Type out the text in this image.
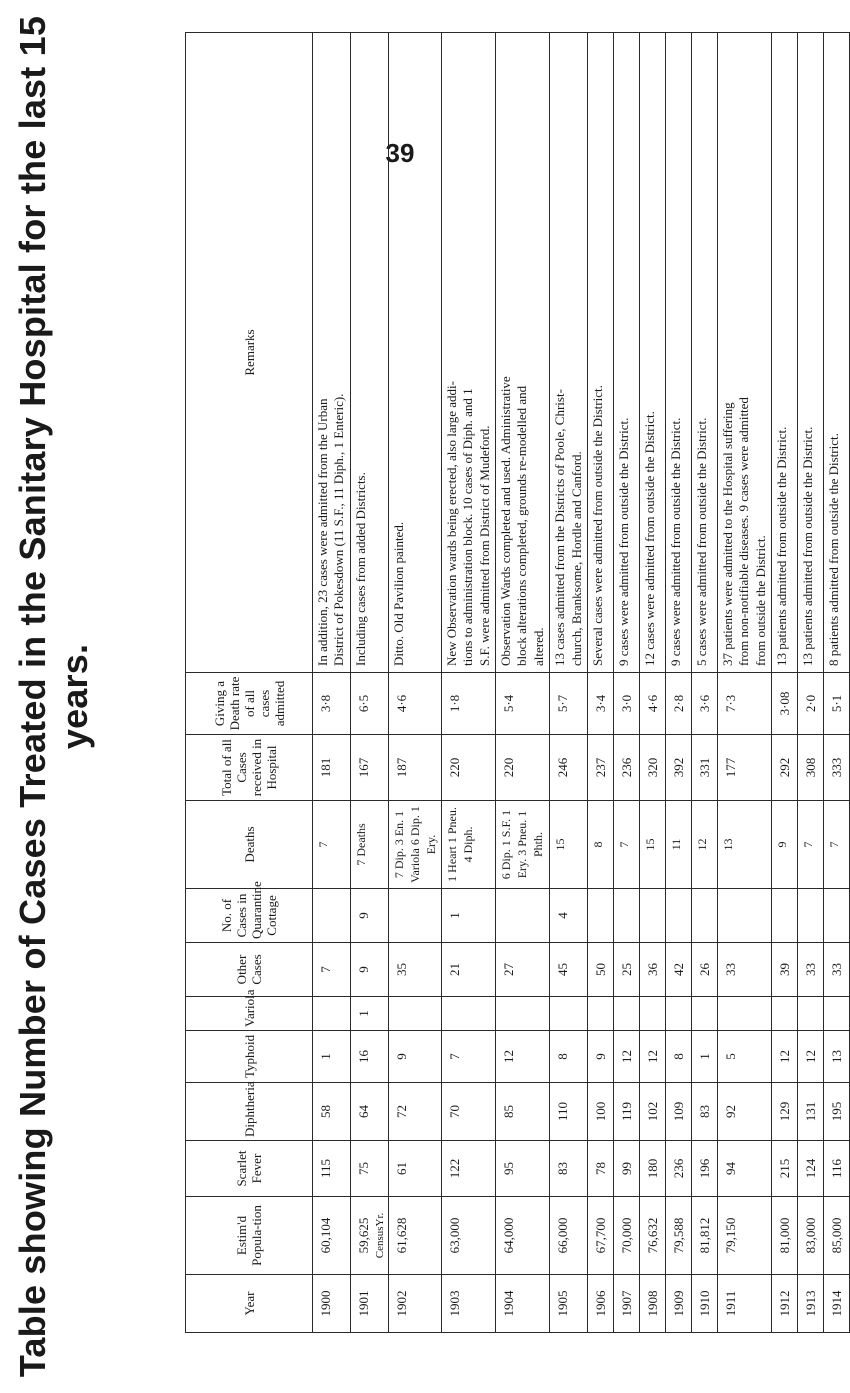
39
Table showing Number of Cases Treated in the Sanitary Hospital for the last 15 years.
Year	Estim'd Popula-tion	Scarlet Fever	Diphtheria	Typhoid	Variola	Other Cases	No. of Cases in Quarantine Cottage	Deaths	Total of all Cases received in Hospital	Giving a Death rate of all cases admitted	Remarks
1900	60,104	115	58	1		7		7	181	3·8	In addition, 23 cases were admitted from the Urban District of Pokesdown (11 S.F., 11 Diph., 1 Enteric).

1901	59,625 CensusYr.	75	64	16	1	9	9	7 Deaths	167	6·5	Including cases from added Districts.

1902	61,628	61	72	9		35		7 Dip. 3 En. 1 Variola 6 Dip. 1 Ery.	187	4·6	Ditto. Old Pavilion painted.

1903	63,000	122	70	7		21	1	1 Heart 1 Pneu. 4 Diph.	220	1·8	New Observation wards being erected, also large addi- tions to administration block. 10 cases of Diph. and 1 S.F. were admitted from District of Mudeford.

1904	64,000	95	85	12		27		6 Dip. 1 S.F. 1 Ery. 3 Pneu. 1 Phth.	220	5·4	Observation Wards completed and used. Administrative block alterations completed, grounds re-modelled and altered.

1905	66,000	83	110	8		45	4	15	246	5·7	13 cases admitted from the Districts of Poole, Christ- church, Branksome, Hordle and Canford.

1906	67,700	78	100	9		50		8	237	3·4	Several cases were admitted from outside the District.

1907	70,000	99	119	12		25		7	236	3·0	9 cases were admitted from outside the District.

1908	76,632	180	102	12		36		15	320	4·6	12 cases were admitted from outside the District.

1909	79,588	236	109	8		42		11	392	2·8	9 cases were admitted from outside the District.

1910	81,812	196	83	1		26		12	331	3·6	5 cases were admitted from outside the District.

1911	79,150	94	92	5		33		13	177	7·3	37 patients were admitted to the Hospital suffering from non-notifiable diseases. 9 cases were admitted from outside the District.

1912	81,000	215	129	12		39		9	292	3·08	13 patients admitted from outside the District.

1913	83,000	124	131	12		33		7	308	2·0	13 patients admitted from outside the District.

1914	85,000	116	195	13		33		7	333	5·1	8 patients admitted from outside the District.
